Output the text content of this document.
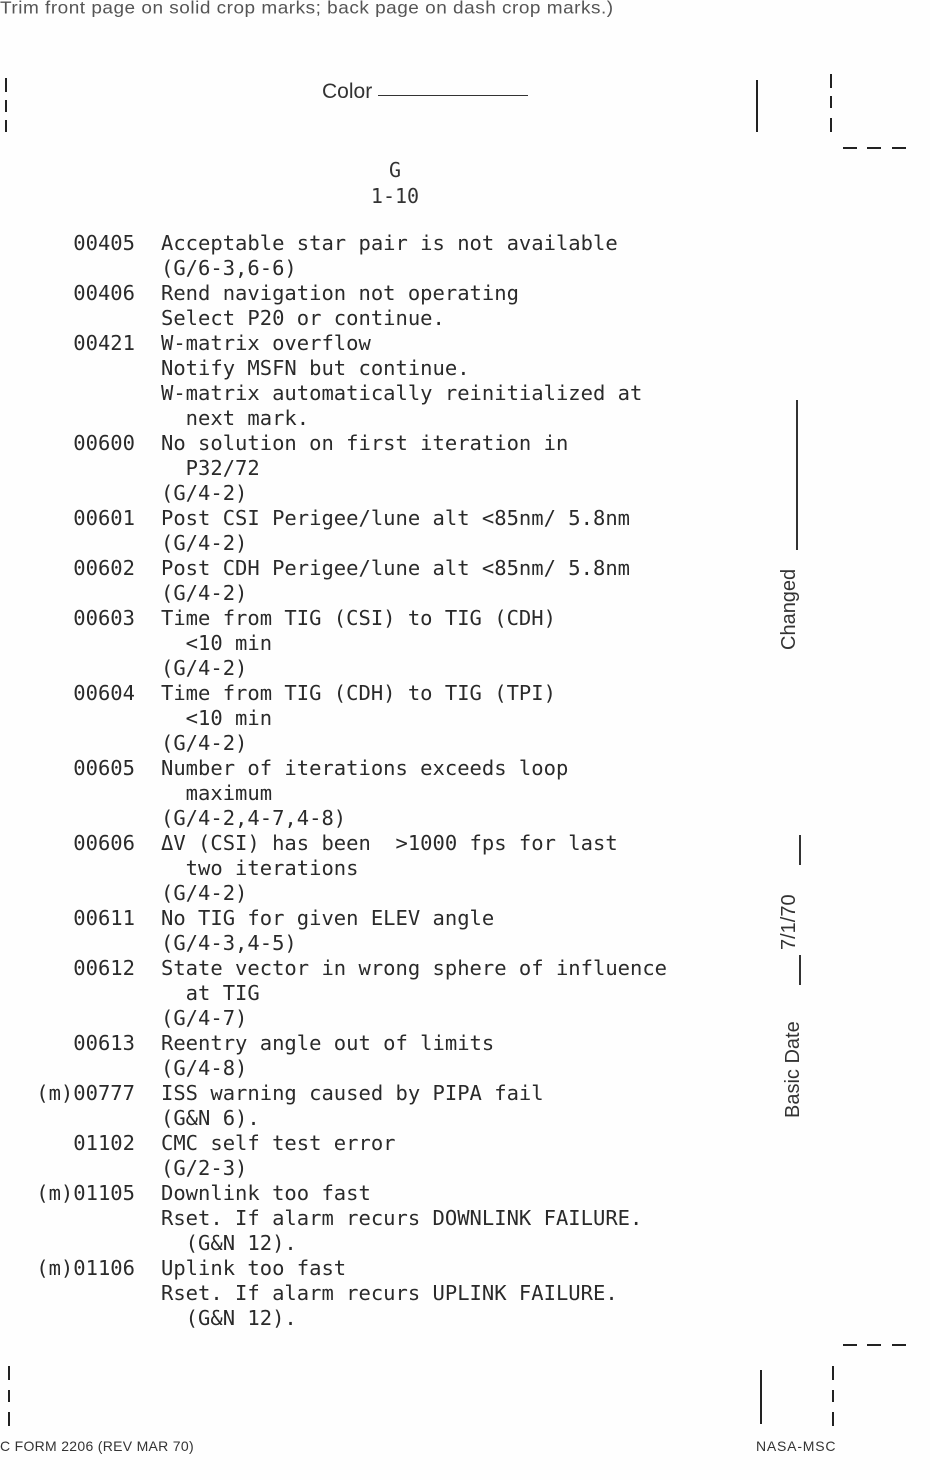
Trim front page on solid crop marks; back page on dash crop marks.)
Color
G
1-10
00405 Acceptable star pair is not available
(G/6-3,6-6)
00406 Rend navigation not operating
Select P20 or continue.
00421 W-matrix overflow
Notify MSFN but continue.
W-matrix automatically reinitialized at
next mark.
00600 No solution on first iteration in
P32/72
(G/4-2)
00601 Post CSI Perigee/lune alt <85nm/ 5.8nm
(G/4-2)
00602 Post CDH Perigee/lune alt <85nm/ 5.8nm
(G/4-2)
00603 Time from TIG (CSI) to TIG (CDH)
<10 min
(G/4-2)
00604 Time from TIG (CDH) to TIG (TPI)
<10 min
(G/4-2)
00605 Number of iterations exceeds loop
maximum
(G/4-2,4-7,4-8)
00606 ΔV (CSI) has been  >1000 fps for last
two iterations
(G/4-2)
00611 No TIG for given ELEV angle
(G/4-3,4-5)
00612 State vector in wrong sphere of influence
at TIG
(G/4-7)
00613 Reentry angle out of limits
(G/4-8)
(m)00777 ISS warning caused by PIPA fail
(G&N 6).
01102 CMC self test error
(G/2-3)
(m)01105 Downlink too fast
Rset. If alarm recurs DOWNLINK FAILURE.
(G&N 12).
(m)01106 Uplink too fast
Rset. If alarm recurs UPLINK FAILURE.
(G&N 12).
Changed
7/1/70
Basic Date
C FORM 2206 (REV MAR 70)	NASA-MSC
